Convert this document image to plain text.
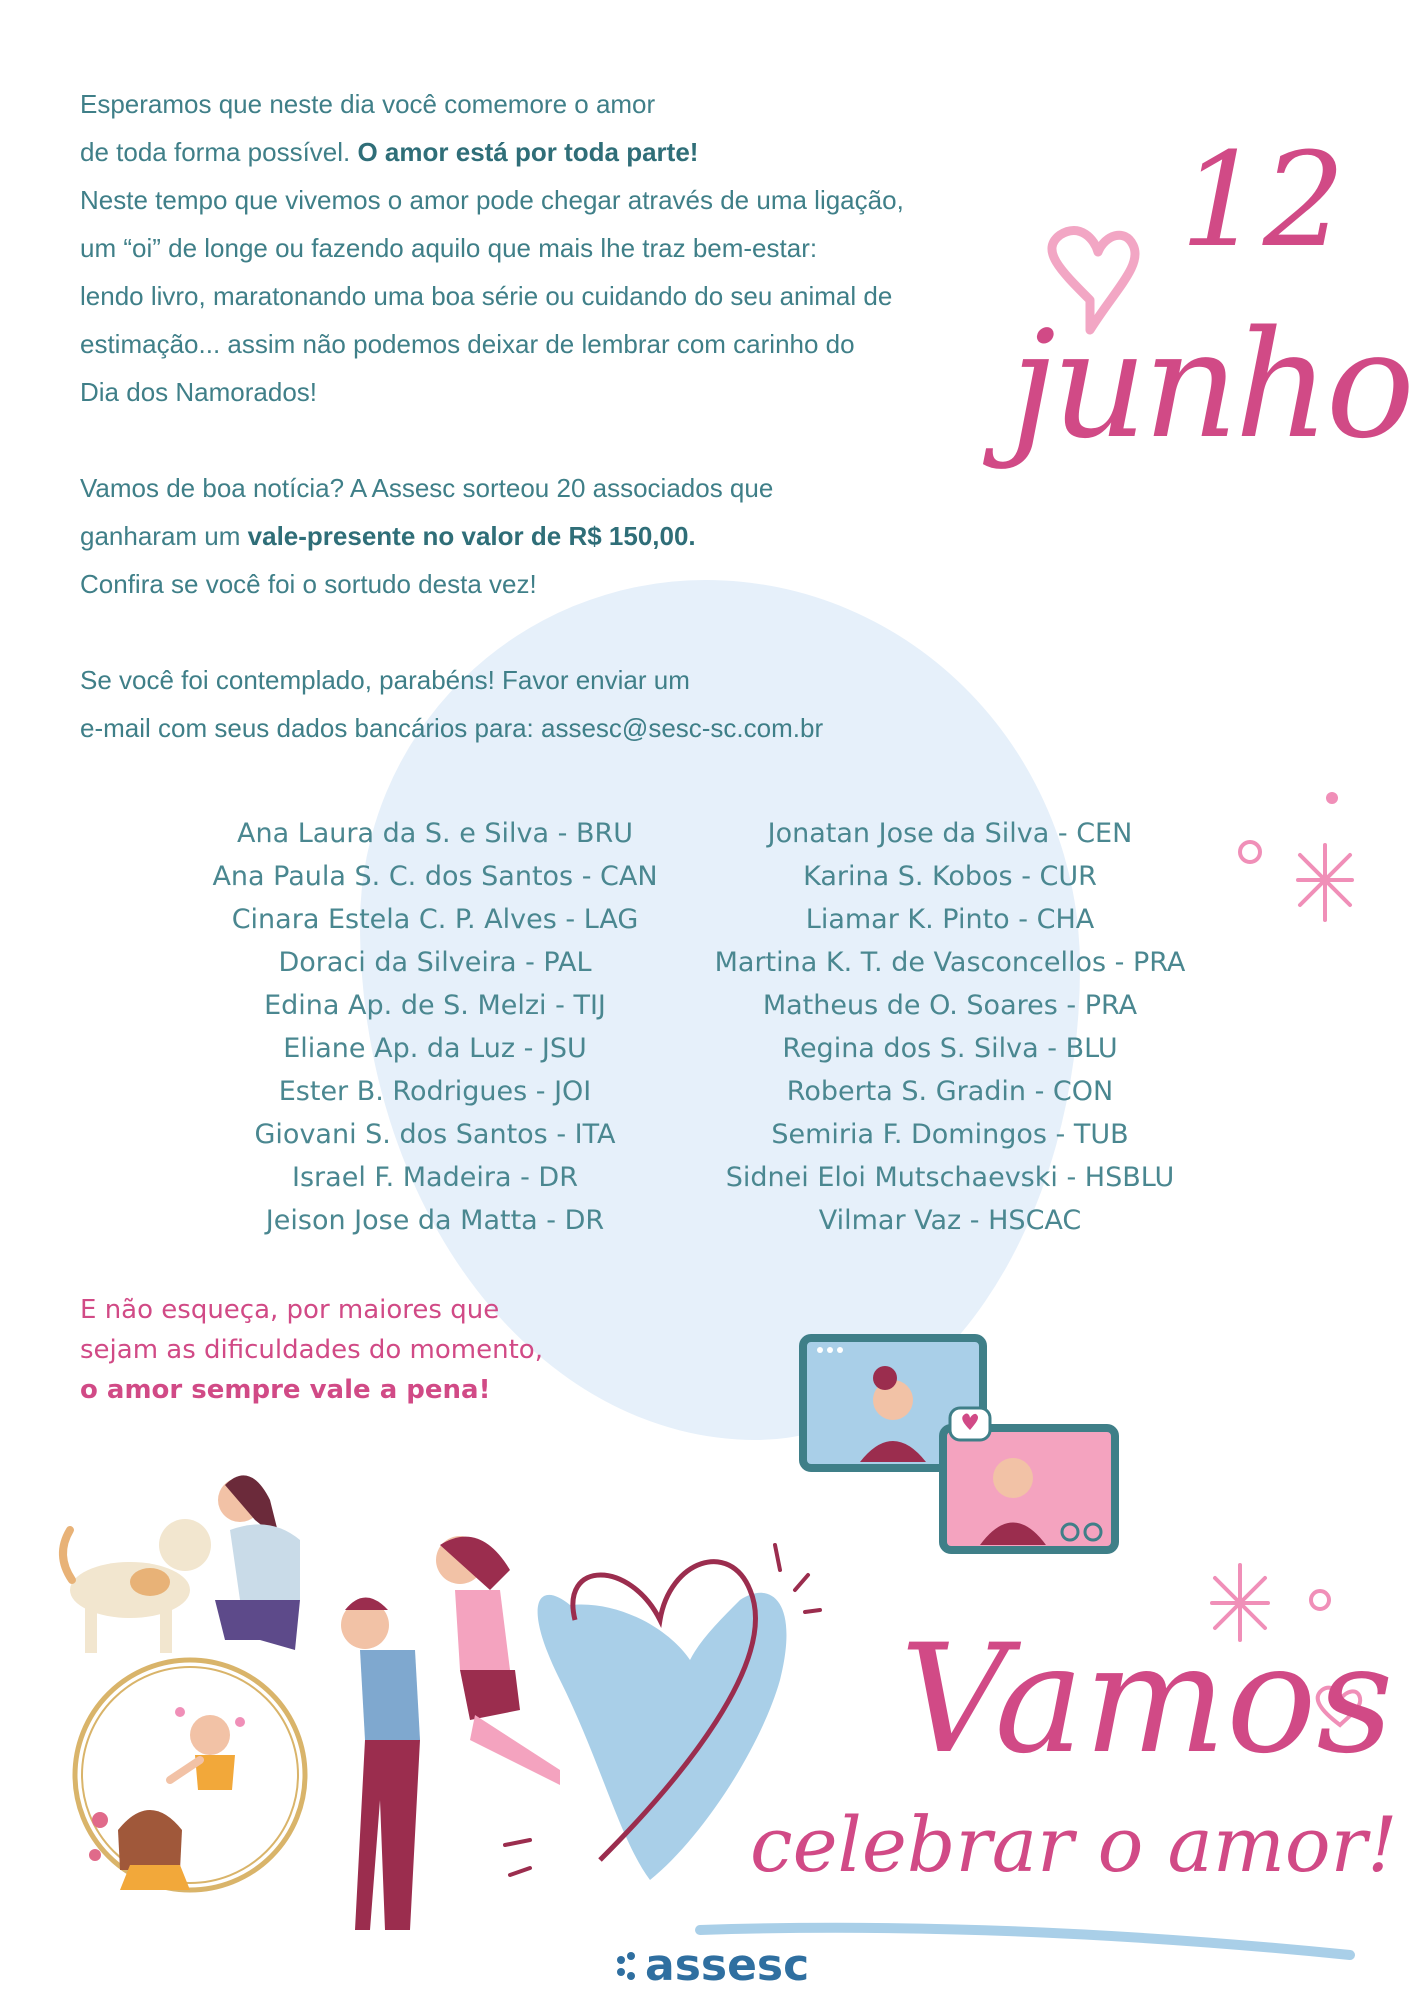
Esperamos que neste dia você comemore o amor

de toda forma possível. O amor está por toda parte!

Neste tempo que vivemos o amor pode chegar através de uma ligação,

um “oi” de longe ou fazendo aquilo que mais lhe traz bem-estar:

lendo livro, maratonando uma boa série ou cuidando do seu animal de

estimação... assim não podemos deixar de lembrar com carinho do

Dia dos Namorados!

Vamos de boa notícia? A Assesc sorteou 20 associados que

ganharam um vale-presente no valor de R$ 150,00.

Confira se você foi o sortudo desta vez!

Se você foi contemplado, parabéns! Favor enviar um

e-mail com seus dados bancários para: assesc@sesc-sc.com.br

12
junho
Ana Laura da S. e Silva - BRU
Ana Paula S. C. dos Santos - CAN
Cinara Estela C. P. Alves - LAG
Doraci da Silveira - PAL
Edina Ap. de S. Melzi - TIJ
Eliane Ap. da Luz - JSU
Ester B. Rodrigues - JOI
Giovani S. dos Santos - ITA
Israel F. Madeira - DR
Jeison Jose da Matta - DR
Jonatan Jose da Silva - CEN
Karina S. Kobos - CUR
Liamar K. Pinto - CHA
Martina K. T. de Vasconcellos - PRA
Matheus de O. Soares - PRA
Regina dos S. Silva - BLU
Roberta S. Gradin - CON
Semiria F. Domingos - TUB
Sidnei Eloi Mutschaevski - HSBLU
Vilmar Vaz - HSCAC

E não esqueça, por maiores que

sejam as dificuldades do momento,

o amor sempre vale a pena!

Vamos
celebrar o amor!
assesc
